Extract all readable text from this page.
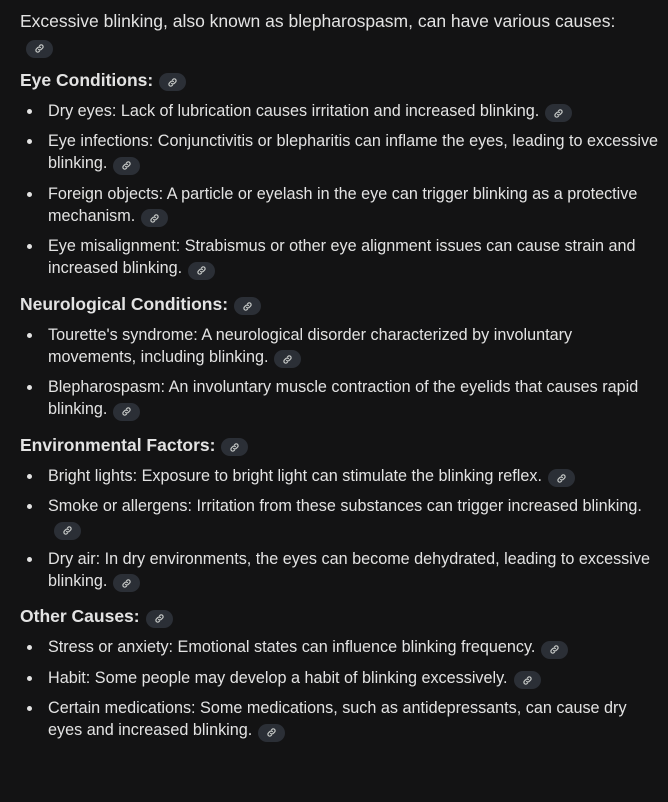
Excessive blinking, also known as blepharospasm, can have various causes:

Eye Conditions:
Dry eyes: Lack of lubrication causes irritation and increased blinking.
Eye infections: Conjunctivitis or blepharitis can inflame the eyes, leading to excessive blinking.
Foreign objects: A particle or eyelash in the eye can trigger blinking as a protective mechanism.
Eye misalignment: Strabismus or other eye alignment issues can cause strain and increased blinking.
Neurological Conditions:
Tourette's syndrome: A neurological disorder characterized by involuntary movements, including blinking.
Blepharospasm: An involuntary muscle contraction of the eyelids that causes rapid blinking.
Environmental Factors:
Bright lights: Exposure to bright light can stimulate the blinking reflex.
Smoke or allergens: Irritation from these substances can trigger increased blinking.
Dry air: In dry environments, the eyes can become dehydrated, leading to excessive blinking.
Other Causes:
Stress or anxiety: Emotional states can influence blinking frequency.
Habit: Some people may develop a habit of blinking excessively.
Certain medications: Some medications, such as antidepressants, can cause dry eyes and increased blinking.
